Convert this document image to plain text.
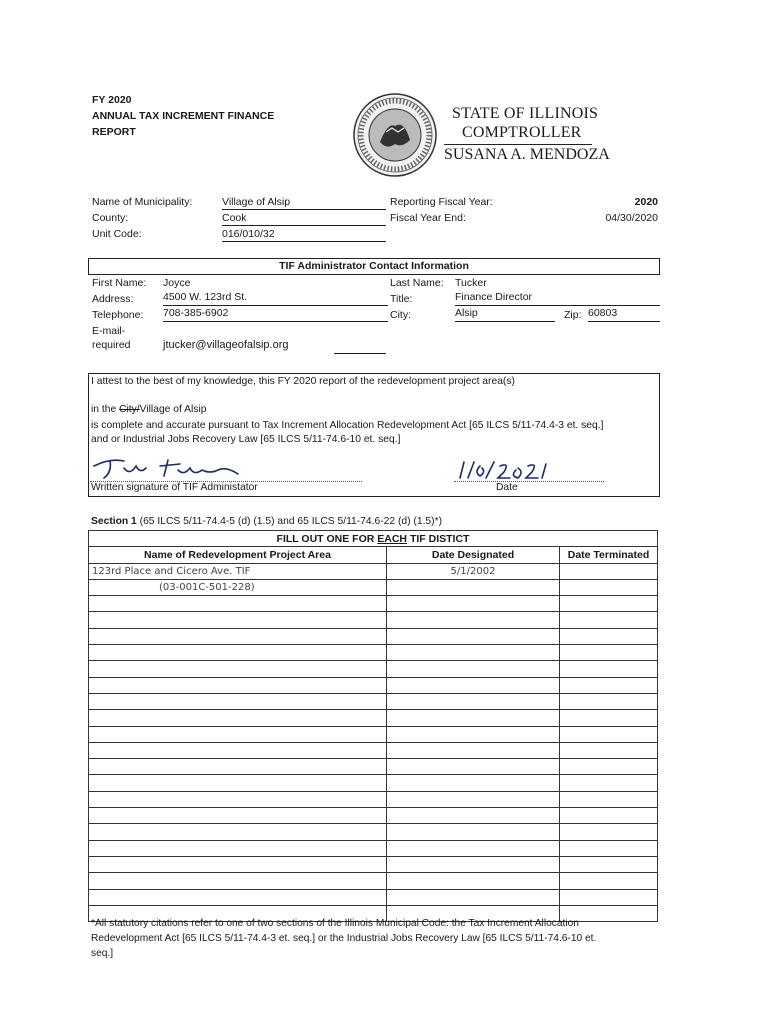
FY 2020
ANNUAL TAX INCREMENT FINANCE
REPORT
STATE OF ILLINOIS
COMPTROLLER
SUSANA A. MENDOZA
Name of Municipality:	Village of Alsip
County:	Cook
Unit Code:	016/010/32
Reporting Fiscal Year:	2020
Fiscal Year End:	04/30/2020
TIF Administrator Contact Information
First Name: Joyce	Last Name: Tucker
Address:	4500 W. 123rd St.	Title:	Finance Director
Telephone: 708-385-6902	City:	Alsip	Zip: 60803
E-mail-
required	jtucker@villageofalsip.org
I attest to the best of my knowledge, this FY 2020 report of the redevelopment project area(s)
in the City/Village of Alsip
is complete and accurate pursuant to Tax Increment Allocation Redevelopment Act [65 ILCS 5/11-74.4-3 et. seq.]
and or Industrial Jobs Recovery Law [65 ILCS 5/11-74.6-10 et. seq.]
Written signature of TIF Administator	Date
Section 1 (65 ILCS 5/11-74.4-5 (d) (1.5) and 65 ILCS 5/11-74.6-22 (d) (1.5)*)
FILL OUT ONE FOR EACH TIF DISTICT		
Name of Redevelopment Project Area	Date Designated	Date Terminated
123rd Place and Cicero Ave. TIF	5/1/2002	
(03-001C-501-228)		

*All statutory citations refer to one of two sections of the Illinois Municipal Code: the Tax Increment Allocation
Redevelopment Act [65 ILCS 5/11-74.4-3 et. seq.] or the Industrial Jobs Recovery Law [65 ILCS 5/11-74.6-10 et.
seq.]
